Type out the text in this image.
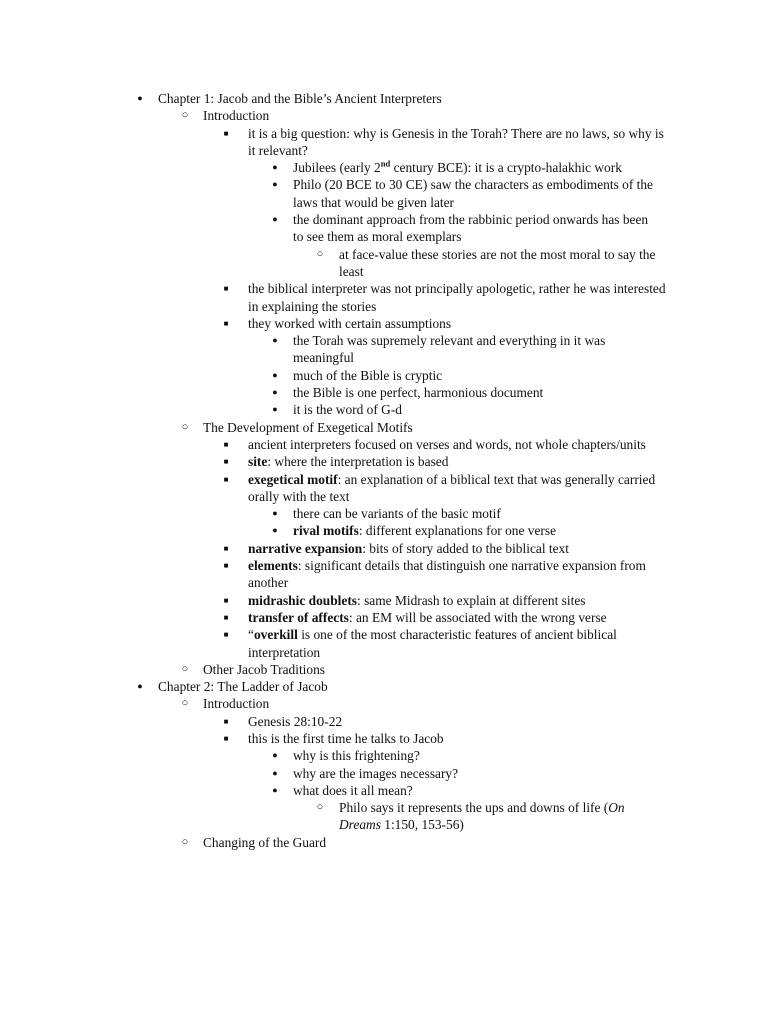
●	Chapter 1: Jacob and the Bible’s Ancient Interpreters
○ Introduction
■	it is a big question: why is Genesis in the Torah? There are no laws, so why is it relevant?
●	Jubilees (early 2nd century BCE): it is a crypto-halakhic work
●	Philo (20 BCE to 30 CE) saw the characters as embodiments of the laws that would be given later
●	the dominant approach from the rabbinic period onwards has been to see them as moral exemplars
○ at face-value these stories are not the most moral to say the least
■	the biblical interpreter was not principally apologetic, rather he was interested in explaining the stories
■	they worked with certain assumptions
●	the Torah was supremely relevant and everything in it was meaningful
●	much of the Bible is cryptic
●	the Bible is one perfect, harmonious document
●	it is the word of G-d
○ The Development of Exegetical Motifs
■	ancient interpreters focused on verses and words, not whole chapters/units
■	site: where the interpretation is based
■	exegetical motif: an explanation of a biblical text that was generally carried orally with the text
●	there can be variants of the basic motif
●	rival motifs: different explanations for one verse
■	narrative expansion: bits of story added to the biblical text
■	elements: significant details that distinguish one narrative expansion from another
■	midrashic doublets: same Midrash to explain at different sites
■	transfer of affects: an EM will be associated with the wrong verse
■	“overkill is one of the most characteristic features of ancient biblical interpretation
○ Other Jacob Traditions
●	Chapter 2: The Ladder of Jacob
○ Introduction
■	Genesis 28:10-22
■	this is the first time he talks to Jacob
●	why is this frightening?
●	why are the images necessary?
●	what does it all mean?
○ Philo says it represents the ups and downs of life (On Dreams 1:150, 153-56)
○ Changing of the Guard
